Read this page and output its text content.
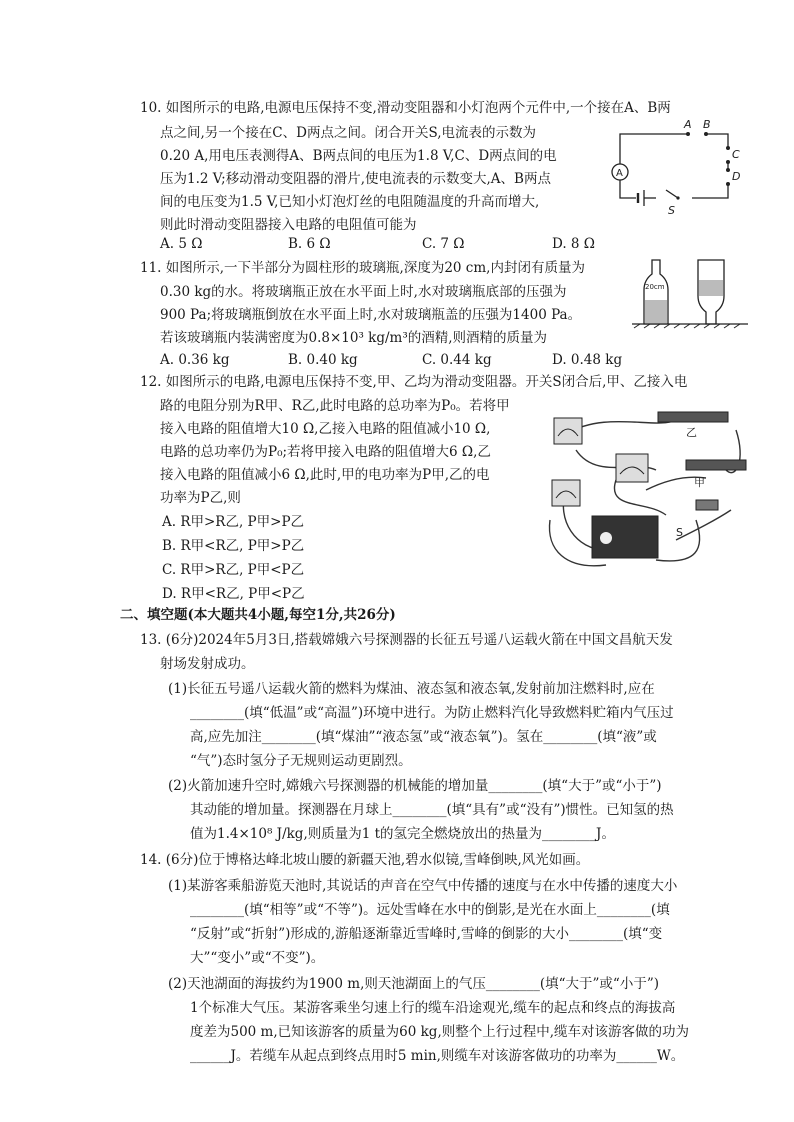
10. 如图所示的电路,电源电压保持不变,滑动变阻器和小灯泡两个元件中,一个接在A、B两
点之间,另一个接在C、D两点之间。闭合开关S,电流表的示数为
0.20 A,用电压表测得A、B两点间的电压为1.8 V,C、D两点间的电
压为1.2 V;移动滑动变阻器的滑片,使电流表的示数变大,A、B两点
间的电压变为1.5 V,已知小灯泡灯丝的电阻随温度的升高而增大,
则此时滑动变阻器接入电路的电阻值可能为
A. 5 Ω	B. 6 Ω	C. 7 Ω	D. 8 Ω
A
A B
C
D
S
11. 如图所示,一下半部分为圆柱形的玻璃瓶,深度为20 cm,内封闭有质量为
0.30 kg的水。将玻璃瓶正放在水平面上时,水对玻璃瓶底部的压强为
900 Pa;将玻璃瓶倒放在水平面上时,水对玻璃瓶盖的压强为1400 Pa。
若该玻璃瓶内装满密度为0.8×10³ kg/m³的酒精,则酒精的质量为
A. 0.36 kg	B. 0.40 kg	C. 0.44 kg	D. 0.48 kg
20cm
12. 如图所示的电路,电源电压保持不变,甲、乙均为滑动变阻器。开关S闭合后,甲、乙接入电
路的电阻分别为R甲、R乙,此时电路的总功率为P₀。若将甲
接入电路的阻值增大10 Ω,乙接入电路的阻值减小10 Ω,
电路的总功率仍为P₀;若将甲接入电路的阻值增大6 Ω,乙
接入电路的阻值减小6 Ω,此时,甲的电功率为P甲,乙的电
功率为P乙,则
A. R甲>R乙, P甲>P乙
B. R甲<R乙, P甲>P乙
C. R甲>R乙, P甲<P乙
D. R甲<R乙, P甲<P乙
乙
甲
S
二、填空题(本大题共4小题,每空1分,共26分)
13. (6分)2024年5月3日,搭载嫦娥六号探测器的长征五号遥八运载火箭在中国文昌航天发
射场发射成功。
(1)长征五号遥八运载火箭的燃料为煤油、液态氢和液态氧,发射前加注燃料时,应在
________(填“低温”或“高温”)环境中进行。为防止燃料汽化导致燃料贮箱内气压过
高,应先加注________(填“煤油”“液态氢”或“液态氧”)。氢在________(填“液”或
“气”)态时氢分子无规则运动更剧烈。
(2)火箭加速升空时,嫦娥六号探测器的机械能的增加量________(填“大于”或“小于”)
其动能的增加量。探测器在月球上________(填“具有”或“没有”)惯性。已知氢的热
值为1.4×10⁸ J/kg,则质量为1 t的氢完全燃烧放出的热量为________J。
14. (6分)位于博格达峰北坡山腰的新疆天池,碧水似镜,雪峰倒映,风光如画。
(1)某游客乘船游览天池时,其说话的声音在空气中传播的速度与在水中传播的速度大小
________(填“相等”或“不等”)。远处雪峰在水中的倒影,是光在水面上________(填
“反射”或“折射”)形成的,游船逐渐靠近雪峰时,雪峰的倒影的大小________(填“变
大”“变小”或“不变”)。
(2)天池湖面的海拔约为1900 m,则天池湖面上的气压________(填“大于”或“小于”)
1个标准大气压。某游客乘坐匀速上行的缆车沿途观光,缆车的起点和终点的海拔高
度差为500 m,已知该游客的质量为60 kg,则整个上行过程中,缆车对该游客做的功为
______J。若缆车从起点到终点用时5 min,则缆车对该游客做功的功率为______W。
